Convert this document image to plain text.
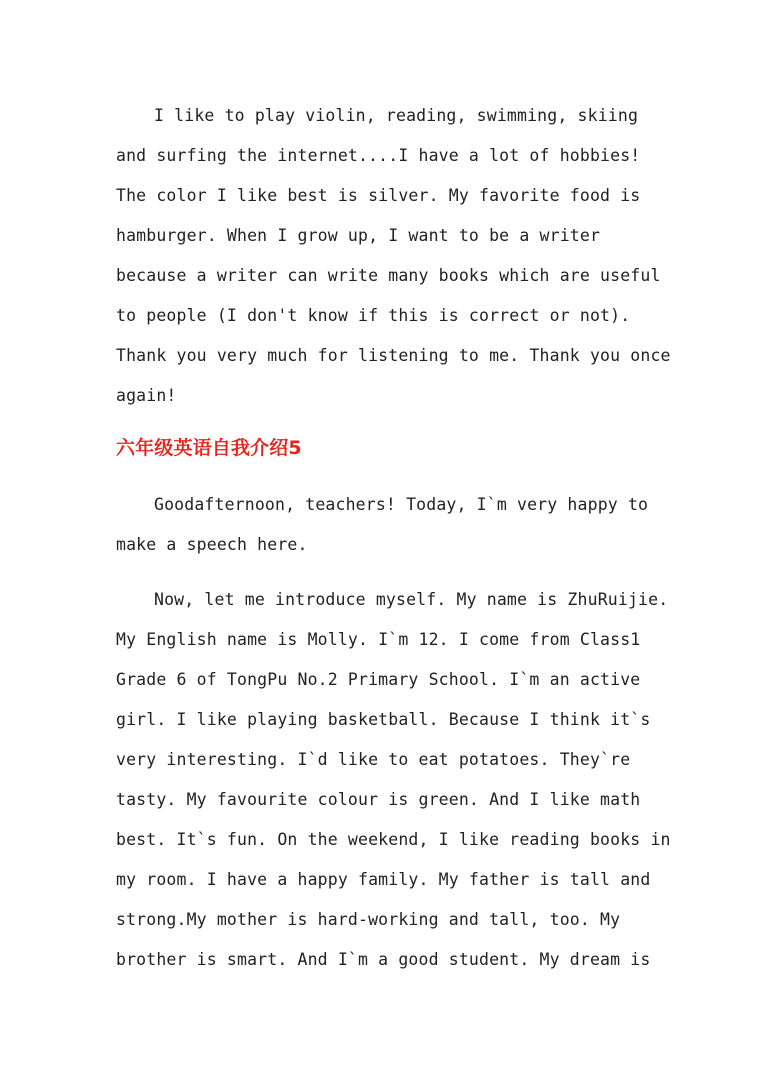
I like to play violin, reading, swimming, skiing
and surfing the internet....I have a lot of hobbies!
The color I like best is silver. My favorite food is
hamburger. When I grow up, I want to be a writer
because a writer can write many books which are useful
to people (I don't know if this is correct or not).
Thank you very much for listening to me. Thank you once
again!
六年级英语自我介绍5
Goodafternoon, teachers! Today, I`m very happy to
make a speech here.
Now, let me introduce myself. My name is ZhuRuijie.
My English name is Molly. I`m 12. I come from Class1
Grade 6 of TongPu No.2 Primary School. I`m an active
girl. I like playing basketball. Because I think it`s
very interesting. I`d like to eat potatoes. They`re
tasty. My favourite colour is green. And I like math
best. It`s fun. On the weekend, I like reading books in
my room. I have a happy family. My father is tall and
strong.My mother is hard-working and tall, too. My
brother is smart. And I`m a good student. My dream is
